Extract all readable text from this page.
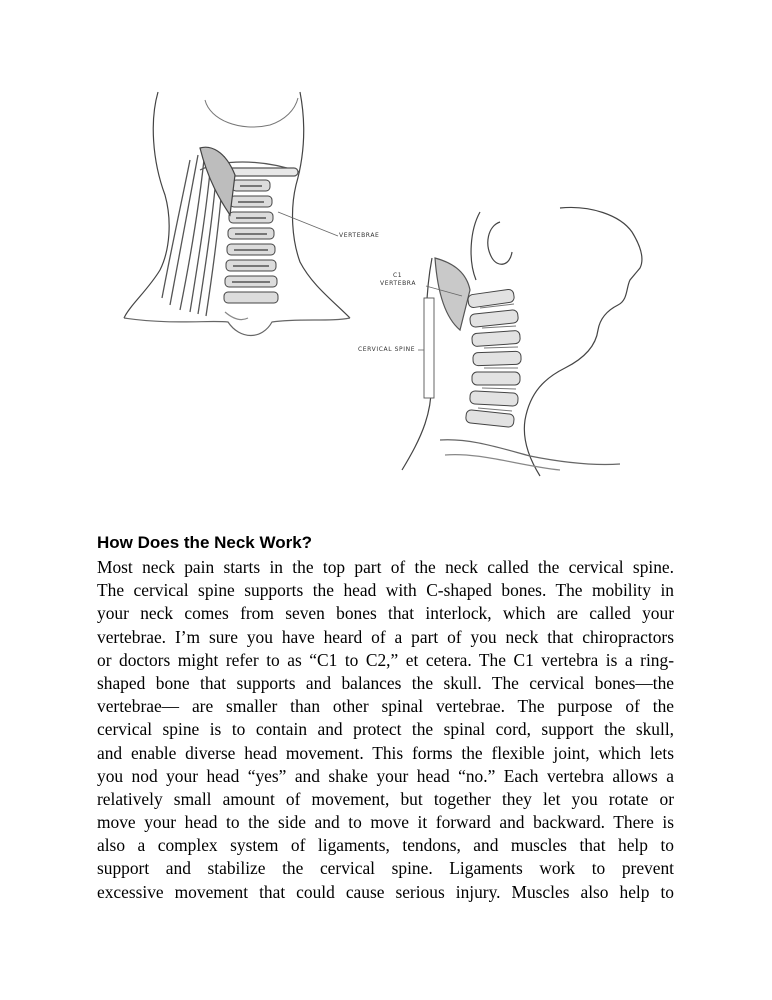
VERTEBRAE
C1
VERTEBRA
CERVICAL SPINE
How Does the Neck Work?
Most neck pain starts in the top part of the neck called the cervical spine.
The cervical spine supports the head with C-shaped bones. The mobility in
your neck comes from seven bones that interlock, which are called your
vertebrae. I’m sure you have heard of a part of you neck that chiropractors
or doctors might refer to as “C1 to C2,” et cetera. The C1 vertebra is a ring-
shaped bone that supports and balances the skull. The cervical bones—the
vertebrae— are smaller than other spinal vertebrae. The purpose of the
cervical spine is to contain and protect the spinal cord, support the skull,
and enable diverse head movement. This forms the flexible joint, which lets
you nod your head “yes” and shake your head “no.” Each vertebra allows a
relatively small amount of movement, but together they let you rotate or
move your head to the side and to move it forward and backward. There is
also a complex system of ligaments, tendons, and muscles that help to
support and stabilize the cervical spine. Ligaments work to prevent
excessive movement that could cause serious injury. Muscles also help to
